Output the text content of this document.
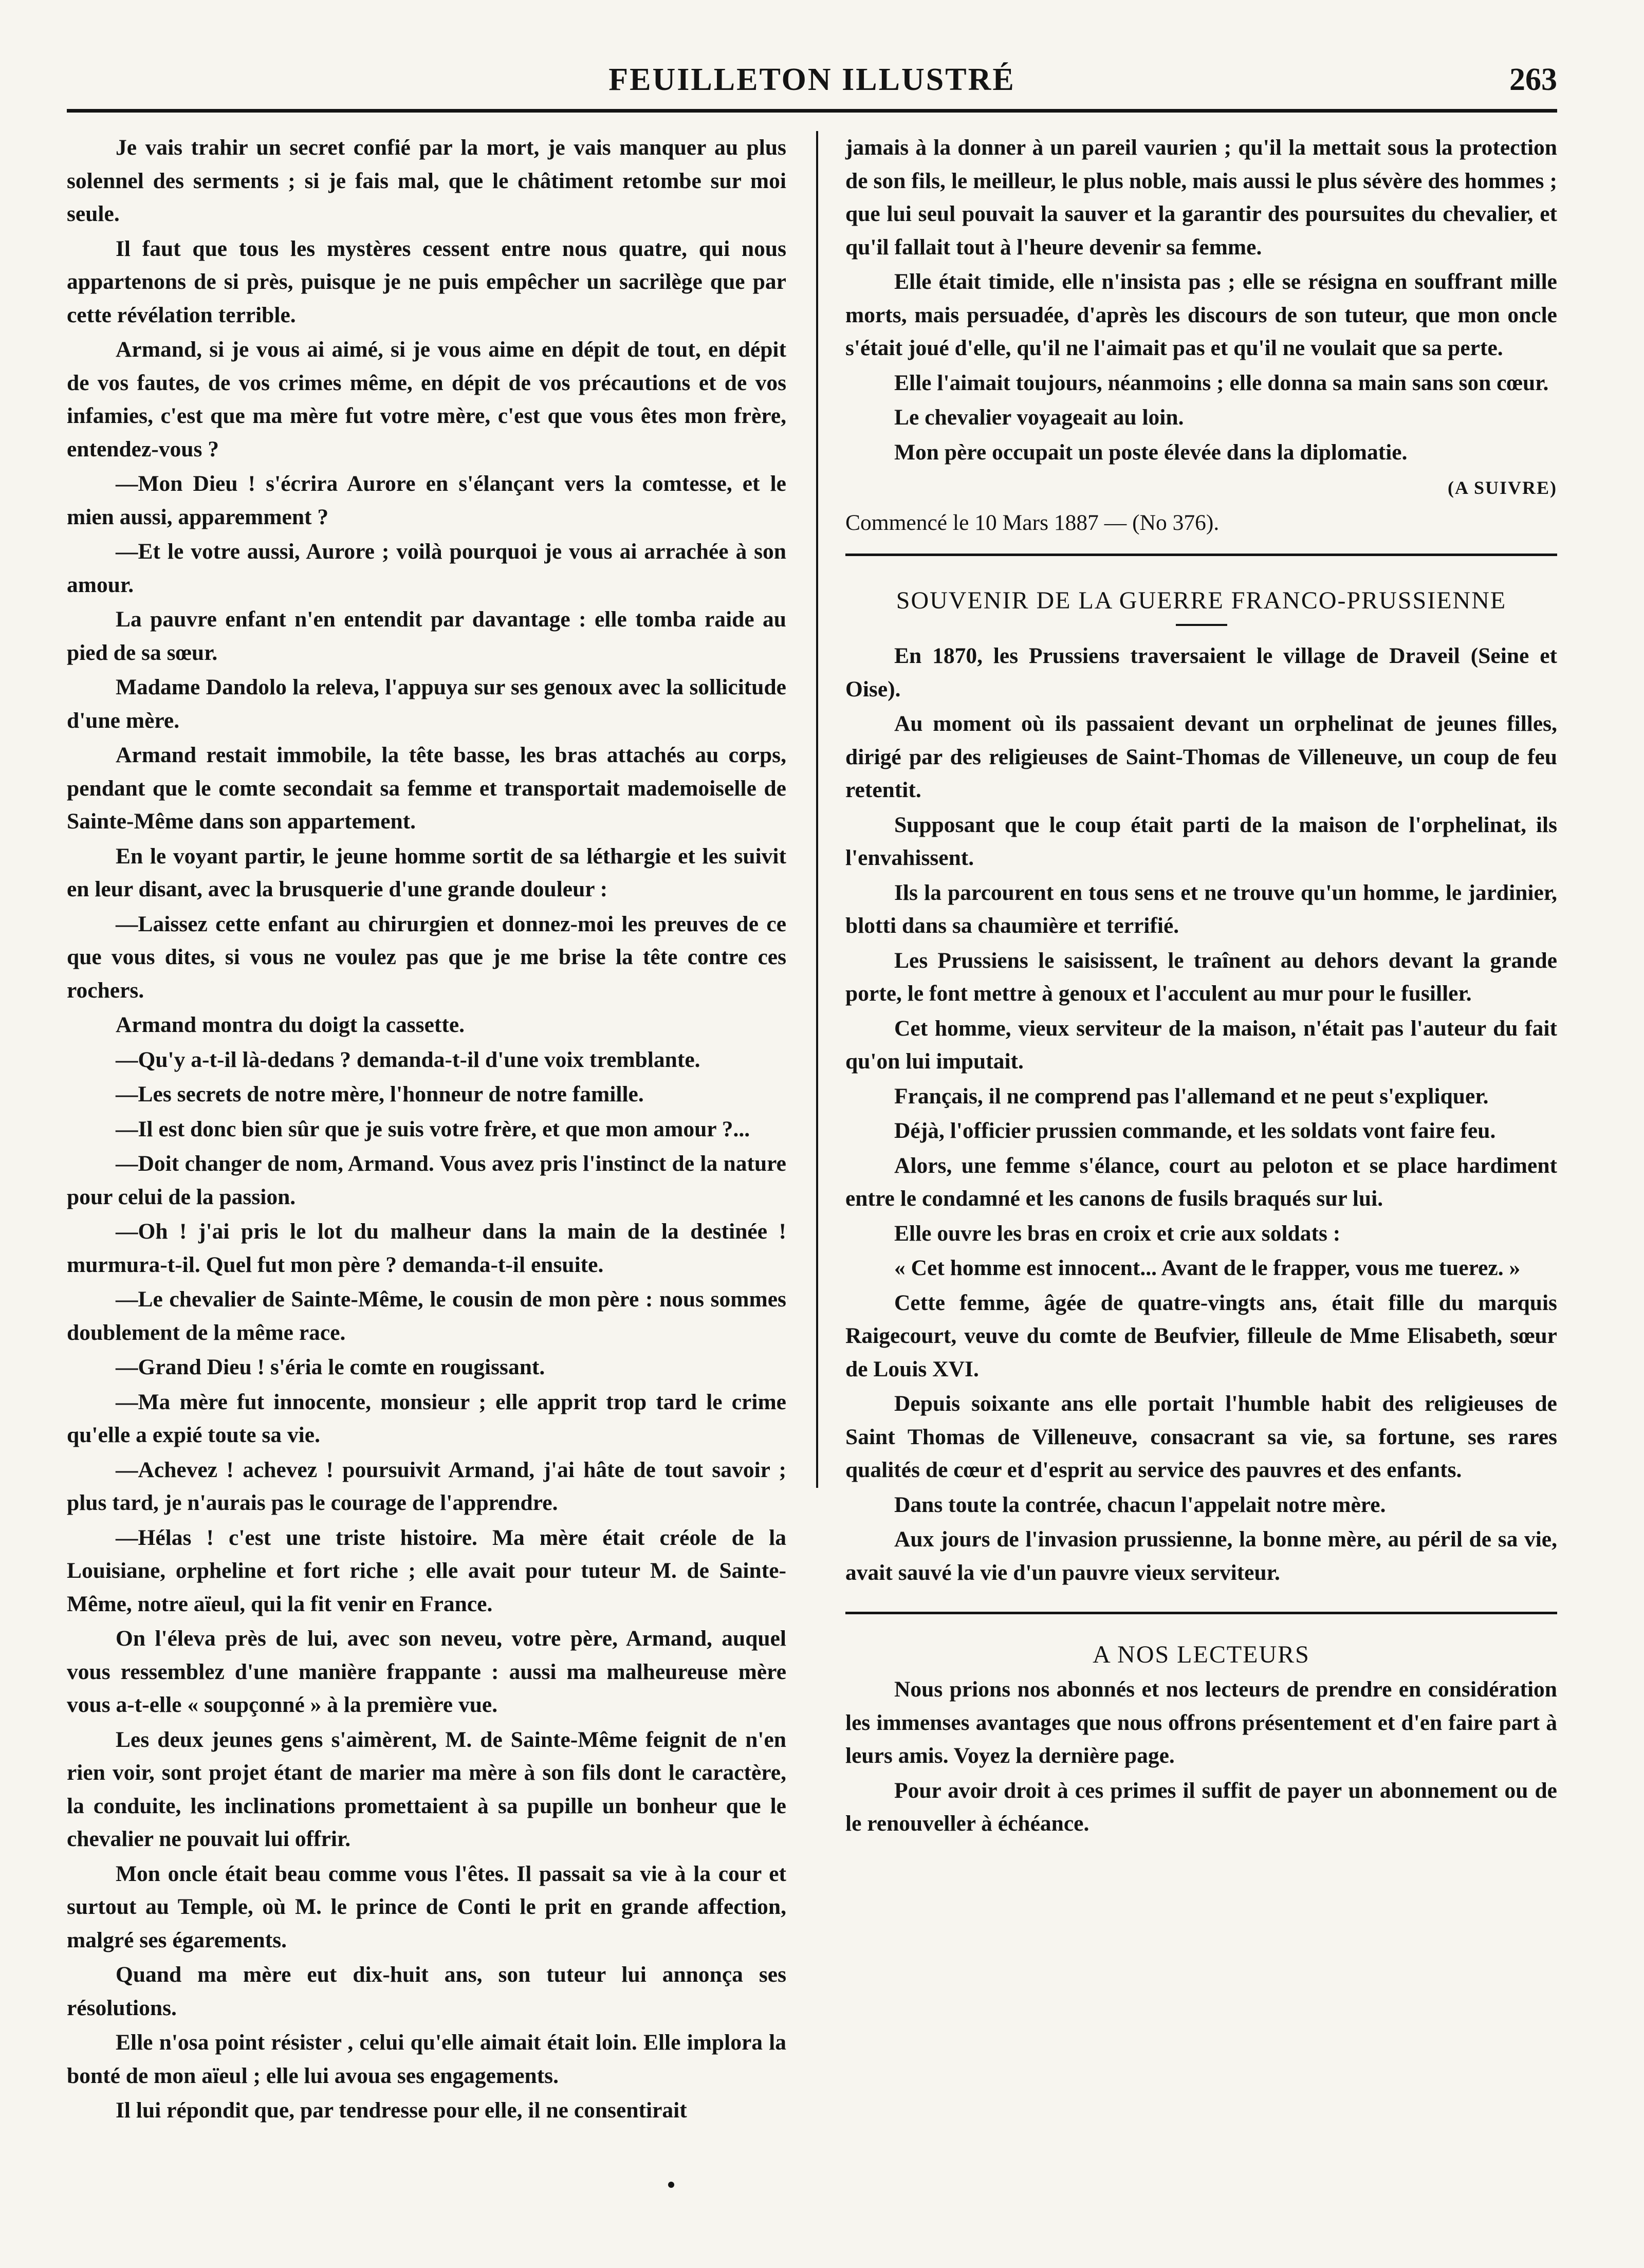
FEUILLETON ILLUSTRÉ	263

Je vais trahir un secret confié par la mort, je vais manquer au plus solennel des serments ; si je fais mal, que le châtiment retombe sur moi seule.

Il faut que tous les mystères cessent entre nous quatre, qui nous appartenons de si près, puisque je ne puis empêcher un sacrilège que par cette révélation terrible.

Armand, si je vous ai aimé, si je vous aime en dépit de tout, en dépit de vos fautes, de vos crimes même, en dépit de vos précautions et de vos infamies, c'est que ma mère fut votre mère, c'est que vous êtes mon frère, entendez-vous ?

—Mon Dieu ! s'écrira Aurore en s'élançant vers la comtesse, et le mien aussi, apparemment ?

—Et le votre aussi, Aurore ; voilà pourquoi je vous ai arrachée à son amour.

La pauvre enfant n'en entendit par davantage : elle tomba raide au pied de sa sœur.

Madame Dandolo la releva, l'appuya sur ses genoux avec la sollicitude d'une mère.

Armand restait immobile, la tête basse, les bras attachés au corps, pendant que le comte secondait sa femme et transportait mademoiselle de Sainte-Même dans son appartement.

En le voyant partir, le jeune homme sortit de sa léthargie et les suivit en leur disant, avec la brusquerie d'une grande douleur :

—Laissez cette enfant au chirurgien et donnez-moi les preuves de ce que vous dites, si vous ne voulez pas que je me brise la tête contre ces rochers.

Armand montra du doigt la cassette.

—Qu'y a-t-il là-dedans ? demanda-t-il d'une voix tremblante.

—Les secrets de notre mère, l'honneur de notre famille.

—Il est donc bien sûr que je suis votre frère, et que mon amour ?...

—Doit changer de nom, Armand. Vous avez pris l'instinct de la nature pour celui de la passion.

—Oh ! j'ai pris le lot du malheur dans la main de la destinée ! murmura-t-il. Quel fut mon père ? demanda-t-il ensuite.

—Le chevalier de Sainte-Même, le cousin de mon père : nous sommes doublement de la même race.

—Grand Dieu ! s'éria le comte en rougissant.

—Ma mère fut innocente, monsieur ; elle apprit trop tard le crime qu'elle a expié toute sa vie.

—Achevez ! achevez ! poursuivit Armand, j'ai hâte de tout savoir ; plus tard, je n'aurais pas le courage de l'apprendre.

—Hélas ! c'est une triste histoire. Ma mère était créole de la Louisiane, orpheline et fort riche ; elle avait pour tuteur M. de Sainte-Même, notre aïeul, qui la fit venir en France.

On l'éleva près de lui, avec son neveu, votre père, Armand, auquel vous ressemblez d'une manière frappante : aussi ma malheureuse mère vous a-t-elle « soupçonné » à la première vue.

Les deux jeunes gens s'aimèrent, M. de Sainte-Même feignit de n'en rien voir, sont projet étant de marier ma mère à son fils dont le caractère, la conduite, les inclinations promettaient à sa pupille un bonheur que le chevalier ne pouvait lui offrir.

Mon oncle était beau comme vous l'êtes. Il passait sa vie à la cour et surtout au Temple, où M. le prince de Conti le prit en grande affection, malgré ses égarements.

Quand ma mère eut dix-huit ans, son tuteur lui annonça ses résolutions.

Elle n'osa point résister , celui qu'elle aimait était loin. Elle implora la bonté de mon aïeul ; elle lui avoua ses engagements.

Il lui répondit que, par tendresse pour elle, il ne consentirait

jamais à la donner à un pareil vaurien ; qu'il la mettait sous la protection de son fils, le meilleur, le plus noble, mais aussi le plus sévère des hommes ; que lui seul pouvait la sauver et la garantir des poursuites du chevalier, et qu'il fallait tout à l'heure devenir sa femme.

Elle était timide, elle n'insista pas ; elle se résigna en souffrant mille morts, mais persuadée, d'après les discours de son tuteur, que mon oncle s'était joué d'elle, qu'il ne l'aimait pas et qu'il ne voulait que sa perte.

Elle l'aimait toujours, néanmoins ; elle donna sa main sans son cœur.

Le chevalier voyageait au loin.

Mon père occupait un poste élevée dans la diplomatie.

(A SUIVRE)

Commencé le 10 Mars 1887 — (No 376).

SOUVENIR DE LA GUERRE FRANCO-PRUSSIENNE

En 1870, les Prussiens traversaient le village de Draveil (Seine et Oise).

Au moment où ils passaient devant un orphelinat de jeunes filles, dirigé par des religieuses de Saint-Thomas de Villeneuve, un coup de feu retentit.

Supposant que le coup était parti de la maison de l'orphelinat, ils l'envahissent.

Ils la parcourent en tous sens et ne trouve qu'un homme, le jardinier, blotti dans sa chaumière et terrifié.

Les Prussiens le saisissent, le traînent au dehors devant la grande porte, le font mettre à genoux et l'acculent au mur pour le fusiller.

Cet homme, vieux serviteur de la maison, n'était pas l'auteur du fait qu'on lui imputait.

Français, il ne comprend pas l'allemand et ne peut s'expliquer.

Déjà, l'officier prussien commande, et les soldats vont faire feu.

Alors, une femme s'élance, court au peloton et se place hardiment entre le condamné et les canons de fusils braqués sur lui.

Elle ouvre les bras en croix et crie aux soldats :

« Cet homme est innocent... Avant de le frapper, vous me tuerez. »

Cette femme, âgée de quatre-vingts ans, était fille du marquis Raigecourt, veuve du comte de Beufvier, filleule de Mme Elisabeth, sœur de Louis XVI.

Depuis soixante ans elle portait l'humble habit des religieuses de Saint Thomas de Villeneuve, consacrant sa vie, sa fortune, ses rares qualités de cœur et d'esprit au service des pauvres et des enfants.

Dans toute la contrée, chacun l'appelait notre mère.

Aux jours de l'invasion prussienne, la bonne mère, au péril de sa vie, avait sauvé la vie d'un pauvre vieux serviteur.

A NOS LECTEURS

Nous prions nos abonnés et nos lecteurs de prendre en considération les immenses avantages que nous offrons présentement et d'en faire part à leurs amis. Voyez la dernière page.

Pour avoir droit à ces primes il suffit de payer un abonnement ou de le renouveller à échéance.
